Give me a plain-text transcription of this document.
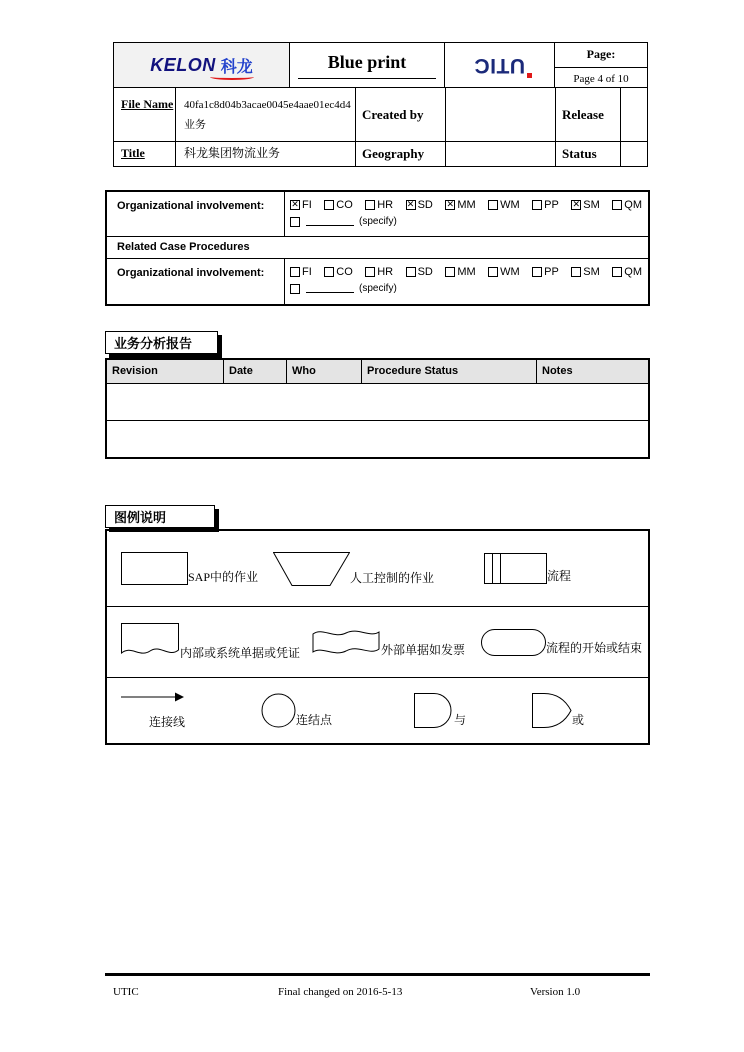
KELON 科龙	Blue print	UTIC	Page:
Page 4 of 10
File Name 40fa1c8d04b3acae0045e4aae01ec4d4
业务
Created by	Release
Title	科龙集团物流业务	Geography	Status
Organizational involvement:	✕ FI CO HR ✕ SD ✕ MM WM PP ✕ SM QM
(specify)
Related Case Procedures
Organizational involvement:	FI CO HR SD MM WM PP SM QM
(specify)
业务分析报告
Revision	Date	Who	Procedure Status	Notes
图例说明
SAP中的作业	人工控制的作业	流程
内部或系统单据或凭证	外部单据如发票	流程的开始或结束
连接线	连结点	与	或
UTIC	Final changed on 2016-5-13	Version 1.0
